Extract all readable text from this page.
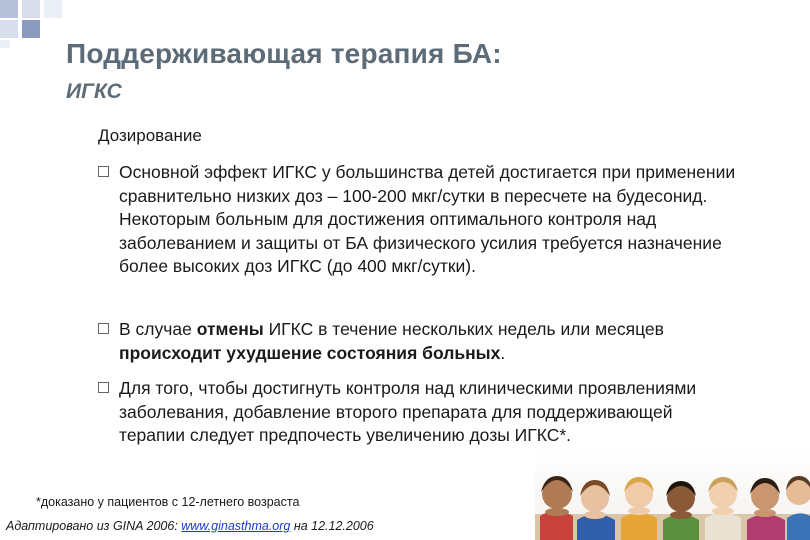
Поддерживающая терапия БА:
ИГКС
Дозирование
Основной эффект ИГКС у большинства детей достигается при применении сравнительно низких доз – 100-200 мкг/сутки в пересчете на будесонид. Некоторым больным для достижения оптимального контроля над заболеванием и защиты от БА физического усилия требуется назначение более высоких доз ИГКС (до 400 мкг/сутки).
В случае отмены ИГКС в течение нескольких недель или месяцев происходит ухудшение состояния больных.
Для того, чтобы достигнуть контроля над клиническими проявлениями заболевания, добавление второго препарата для поддерживающей терапии следует предпочесть увеличению дозы ИГКС*.
*доказано у пациентов с 12-летнего возраста
Адаптировано из GINA 2006: www.ginasthma.org на 12.12.2006
